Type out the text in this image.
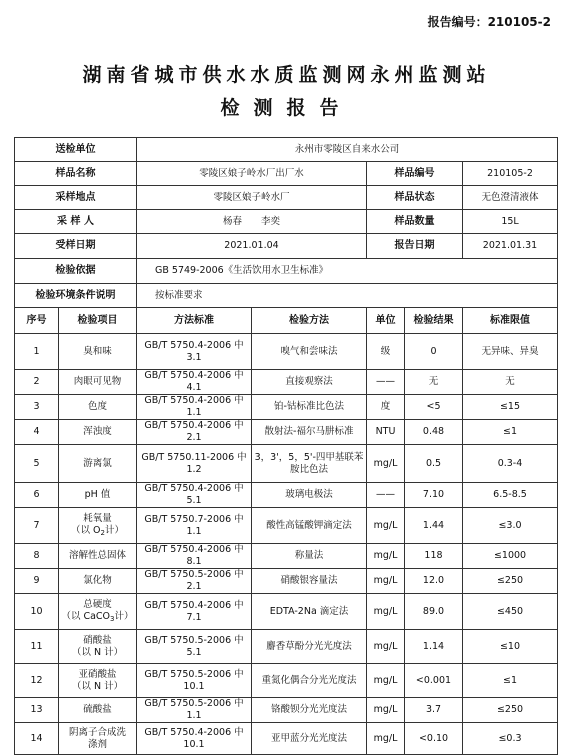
报告编号：210105-2
湖南省城市供水水质监测网永州监测站
检测报告
送检单位		永州市零陵区自来水公司				
样品名称		零陵区娘子岭水厂出厂水		样品编号		210105-2
采样地点		零陵区娘子岭水厂		样品状态		无色澄清液体
采 样 人		杨春　　李奕		样品数量		15L
受样日期		2021.01.04		报告日期		2021.01.31
检验依据		GB 5749-2006《生活饮用水卫生标准》				
检验环境条件说明		按标准要求				
序号	检验项目	方法标准	检验方法	单位	检验结果	标准限值
1	臭和味	GB/T 5750.4-2006 中 3.1	嗅气和尝味法	级	0	无异味、异臭
2	肉眼可见物	GB/T 5750.4-2006 中 4.1	直接观察法	——	无	无
3	色度	GB/T 5750.4-2006 中 1.1	铂-钴标准比色法	度	<5	≤15
4	浑浊度	GB/T 5750.4-2006 中 2.1	散射法-福尔马肼标准	NTU	0.48	≤1
5	游离氯	GB/T 5750.11-2006 中 1.2	3，3'，5，5'-四甲基联苯胺比色法	mg/L	0.5	0.3-4
6	pH 值	GB/T 5750.4-2006 中 5.1	玻璃电极法	——	7.10	6.5-8.5
7	耗氧量
（以 $O_2$计）	GB/T 5750.7-2006 中 1.1	酸性高锰酸钾滴定法	mg/L	1.44	≤3.0
8	溶解性总固体	GB/T 5750.4-2006 中 8.1	称量法	mg/L	118	≤1000
9	氯化物	GB/T 5750.5-2006 中 2.1	硝酸银容量法	mg/L	12.0	≤250
10	总硬度
（以 CaCO$_3$计）	GB/T 5750.4-2006 中 7.1	EDTA-2Na 滴定法	mg/L	89.0	≤450
11	硝酸盐
（以 N 计）	GB/T 5750.5-2006 中 5.1	麝香草酚分光光度法	mg/L	1.14	≤10
12	亚硝酸盐
（以 N 计）	GB/T 5750.5-2006 中 10.1	重氮化偶合分光光度法	mg/L	<0.001	≤1
13	硫酸盐	GB/T 5750.5-2006 中 1.1	铬酸钡分光光度法	mg/L	3.7	≤250
14	阴离子合成洗
涤剂	GB/T 5750.4-2006 中 10.1	亚甲蓝分光光度法	mg/L	<0.10	≤0.3
